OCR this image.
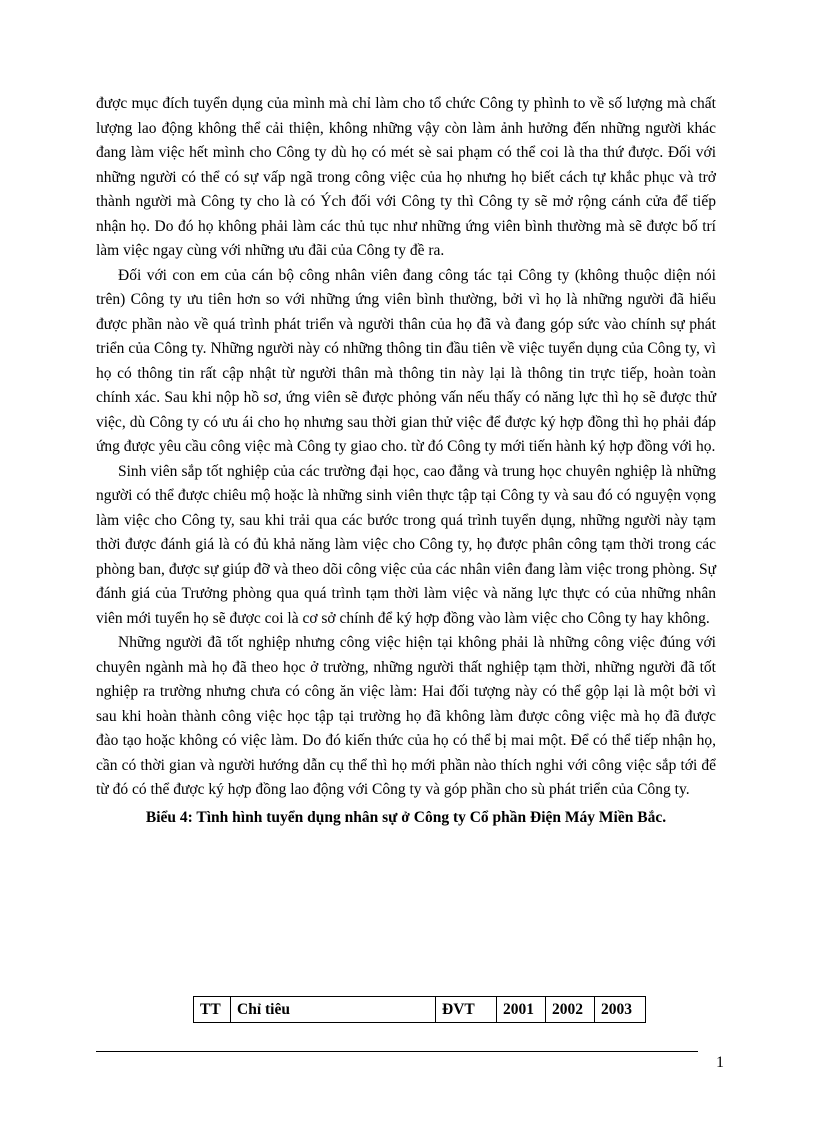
được mục đích tuyển dụng của mình mà chỉ làm cho tổ chức Công ty phình to về số lượng mà chất lượng lao động không thể cải thiện, không những vậy còn làm ảnh hưởng đến những người khác đang làm việc hết mình cho Công ty dù họ có mét sè sai phạm có thể coi là tha thứ được. Đối với những người có thể có sự vấp ngã trong công việc của họ nhưng họ biết cách tự khắc phục và trở thành người mà Công ty cho là có Ých đối với Công ty thì Công ty sẽ mở rộng cánh cửa để tiếp nhận họ. Do đó họ không phải làm các thủ tục như những ứng viên bình thường mà sẽ được bố trí làm việc ngay cùng với những ưu đãi của Công ty đề ra.

Đối với con em của cán bộ công nhân viên đang công tác tại Công ty (không thuộc diện nói trên) Công ty ưu tiên hơn so với những ứng viên bình thường, bởi vì họ là những người đã hiểu được phần nào về quá trình phát triển và người thân của họ đã và đang góp sức vào chính sự phát triển của Công ty. Những người này có những thông tin đầu tiên về việc tuyển dụng của Công ty, vì họ có thông tin rất cập nhật từ người thân mà thông tin này lại là thông tin trực tiếp, hoàn toàn chính xác. Sau khi nộp hồ sơ, ứng viên sẽ được phỏng vấn nếu thấy có năng lực thì họ sẽ được thử việc, dù Công ty có ưu ái cho họ nhưng sau thời gian thử việc để được ký hợp đồng thì họ phải đáp ứng được yêu cầu công việc mà Công ty giao cho. từ đó Công ty mới tiến hành ký hợp đồng với họ.

Sinh viên sắp tốt nghiệp của các trường đại học, cao đẳng và trung học chuyên nghiệp là những người có thể được chiêu mộ hoặc là những sinh viên thực tập tại Công ty và sau đó có nguyện vọng làm việc cho Công ty, sau khi trải qua các bước trong quá trình tuyển dụng, những người này tạm thời được đánh giá là có đủ khả năng làm việc cho Công ty, họ được phân công tạm thời trong các phòng ban, được sự giúp đỡ và theo dõi công việc của các nhân viên đang làm việc trong phòng. Sự đánh giá của Trưởng phòng qua quá trình tạm thời làm việc và năng lực thực có của những nhân viên mới tuyển họ sẽ được coi là cơ sở chính để ký hợp đồng vào làm việc cho Công ty hay không.

Những người đã tốt nghiệp nhưng công việc hiện tại không phải là những công việc đúng với chuyên ngành mà họ đã theo học ở trường, những người thất nghiệp tạm thời, những người đã tốt nghiệp ra trường nhưng chưa có công ăn việc làm: Hai đối tượng này có thể gộp lại là một bởi vì sau khi hoàn thành công việc học tập tại trường họ đã không làm được công việc mà họ đã được đào tạo hoặc không có việc làm. Do đó kiến thức của họ có thể bị mai một. Để có thể tiếp nhận họ, cần có thời gian và người hướng dẫn cụ thể thì họ mới phần nào thích nghi với công việc sắp tới để từ đó có thể được ký hợp đồng lao động với Công ty và góp phần cho sù phát triển của Công ty.

Biểu 4: Tình hình tuyển dụng nhân sự ở Công ty Cổ phần Điện Máy Miền Bắc.

TT	Chỉ tiêu	ĐVT	2001	2002	2003
1
